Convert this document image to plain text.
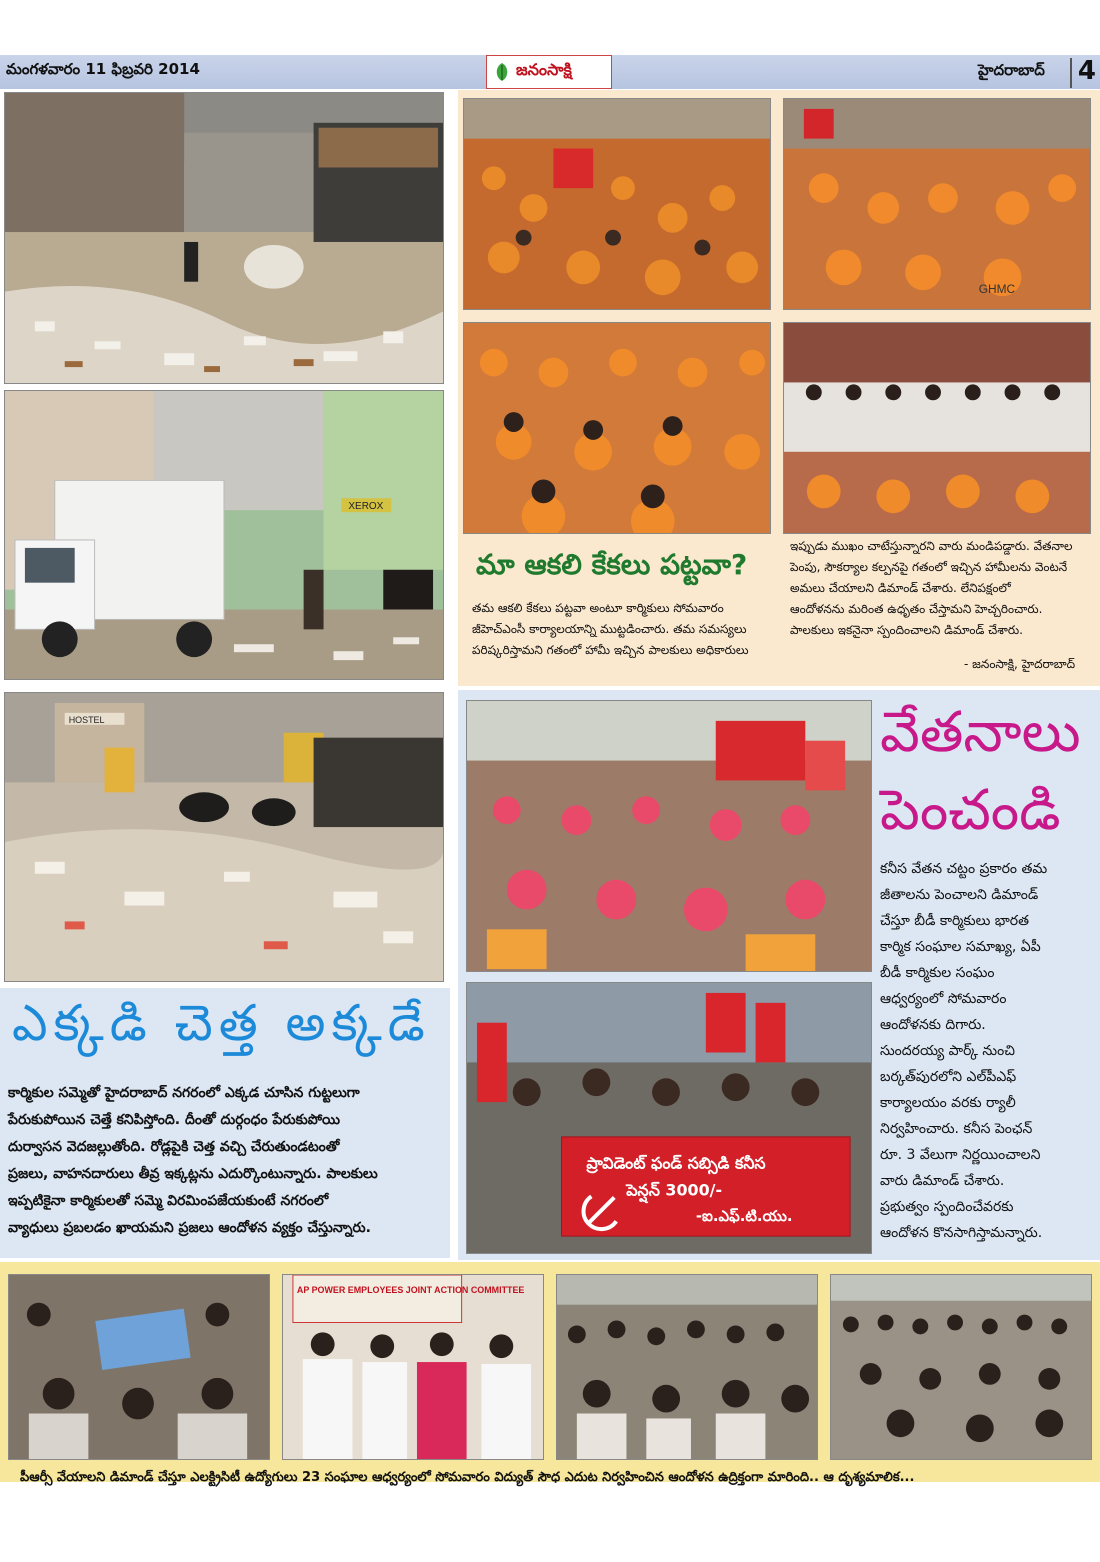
మంగళవారం 11 ఫిబ్రవరి 2014	జనంసాక్షి	హైదరాబాద్ 4
XEROX
HOSTEL
GHMC
మా ఆకలి కేకలు పట్టవా?
తమ ఆకలి కేకలు పట్టవా అంటూ కార్మికులు సోమవారం
జీహెచ్ఎంసీ కార్యాలయాన్ని ముట్టడించారు. తమ సమస్యలు
పరిష్కరిస్తామని గతంలో హామీ ఇచ్చిన పాలకులు అధికారులు
ఇప్పుడు ముఖం చాటేస్తున్నారని వారు మండిపడ్డారు. వేతనాల
పెంపు, సౌకర్యాల కల్పనపై గతంలో ఇచ్చిన హామీలను వెంటనే
అమలు చేయాలని డిమాండ్ చేశారు. లేనిపక్షంలో
ఆందోళనను మరింత ఉధృతం చేస్తామని హెచ్చరించారు.
పాలకులు ఇకనైనా స్పందించాలని డిమాండ్ చేశారు.
- జనంసాక్షి, హైదరాబాద్
ఎక్కడి చెత్త అక్కడే
కార్మికుల సమ్మెతో హైదరాబాద్ నగరంలో ఎక్కడ చూసిన గుట్టలుగా
పేరుకుపోయిన చెత్తే కనిపిస్తోంది. దీంతో దుర్గంధం పేరుకుపోయి
దుర్వాసన వెదజల్లుతోంది. రోడ్లపైకి చెత్త వచ్చి చేరుతుండటంతో
ప్రజలు, వాహనదారులు తీవ్ర ఇక్కట్లను ఎదుర్కొంటున్నారు. పాలకులు
ఇప్పటికైనా కార్మికులతో సమ్మె విరమింపజేయకుంటే నగరంలో
వ్యాధులు ప్రబలడం ఖాయమని ప్రజలు ఆందోళన వ్యక్తం చేస్తున్నారు.
ప్రావిడెంట్ ఫండ్ సబ్సిడి కనీస
పెన్షన్ 3000/-
-ఐ.ఎఫ్.టి.యు.
వేతనాలు
పెంచండి
కనీస వేతన చట్టం ప్రకారం తమ
జీతాలను పెంచాలని డిమాండ్
చేస్తూ బీడీ కార్మికులు భారత
కార్మిక సంఘాల సమాఖ్య, ఏపీ
బీడీ కార్మికుల సంఘం
ఆధ్వర్యంలో సోమవారం
ఆందోళనకు దిగారు.
సుందరయ్య పార్క్ నుంచి
బర్కత్‌పురలోని ఎల్‌పీఎఫ్
కార్యాలయం వరకు ర్యాలీ
నిర్వహించారు. కనీస పెంఛన్
రూ. 3 వేలుగా నిర్ణయించాలని
వారు డిమాండ్ చేశారు.
ప్రభుత్వం స్పందించేవరకు
ఆందోళన కొనసాగిస్తామన్నారు.
AP POWER EMPLOYEES JOINT ACTION COMMITTEE
పీఆర్సీ వేయాలని డిమాండ్ చేస్తూ ఎలక్ట్రిసిటీ ఉద్యోగులు 23 సంఘాల ఆధ్వర్యంలో సోమవారం విద్యుత్ సౌధ ఎదుట నిర్వహించిన ఆందోళన ఉద్రిక్తంగా మారింది.. ఆ దృశ్యమాలిక...
